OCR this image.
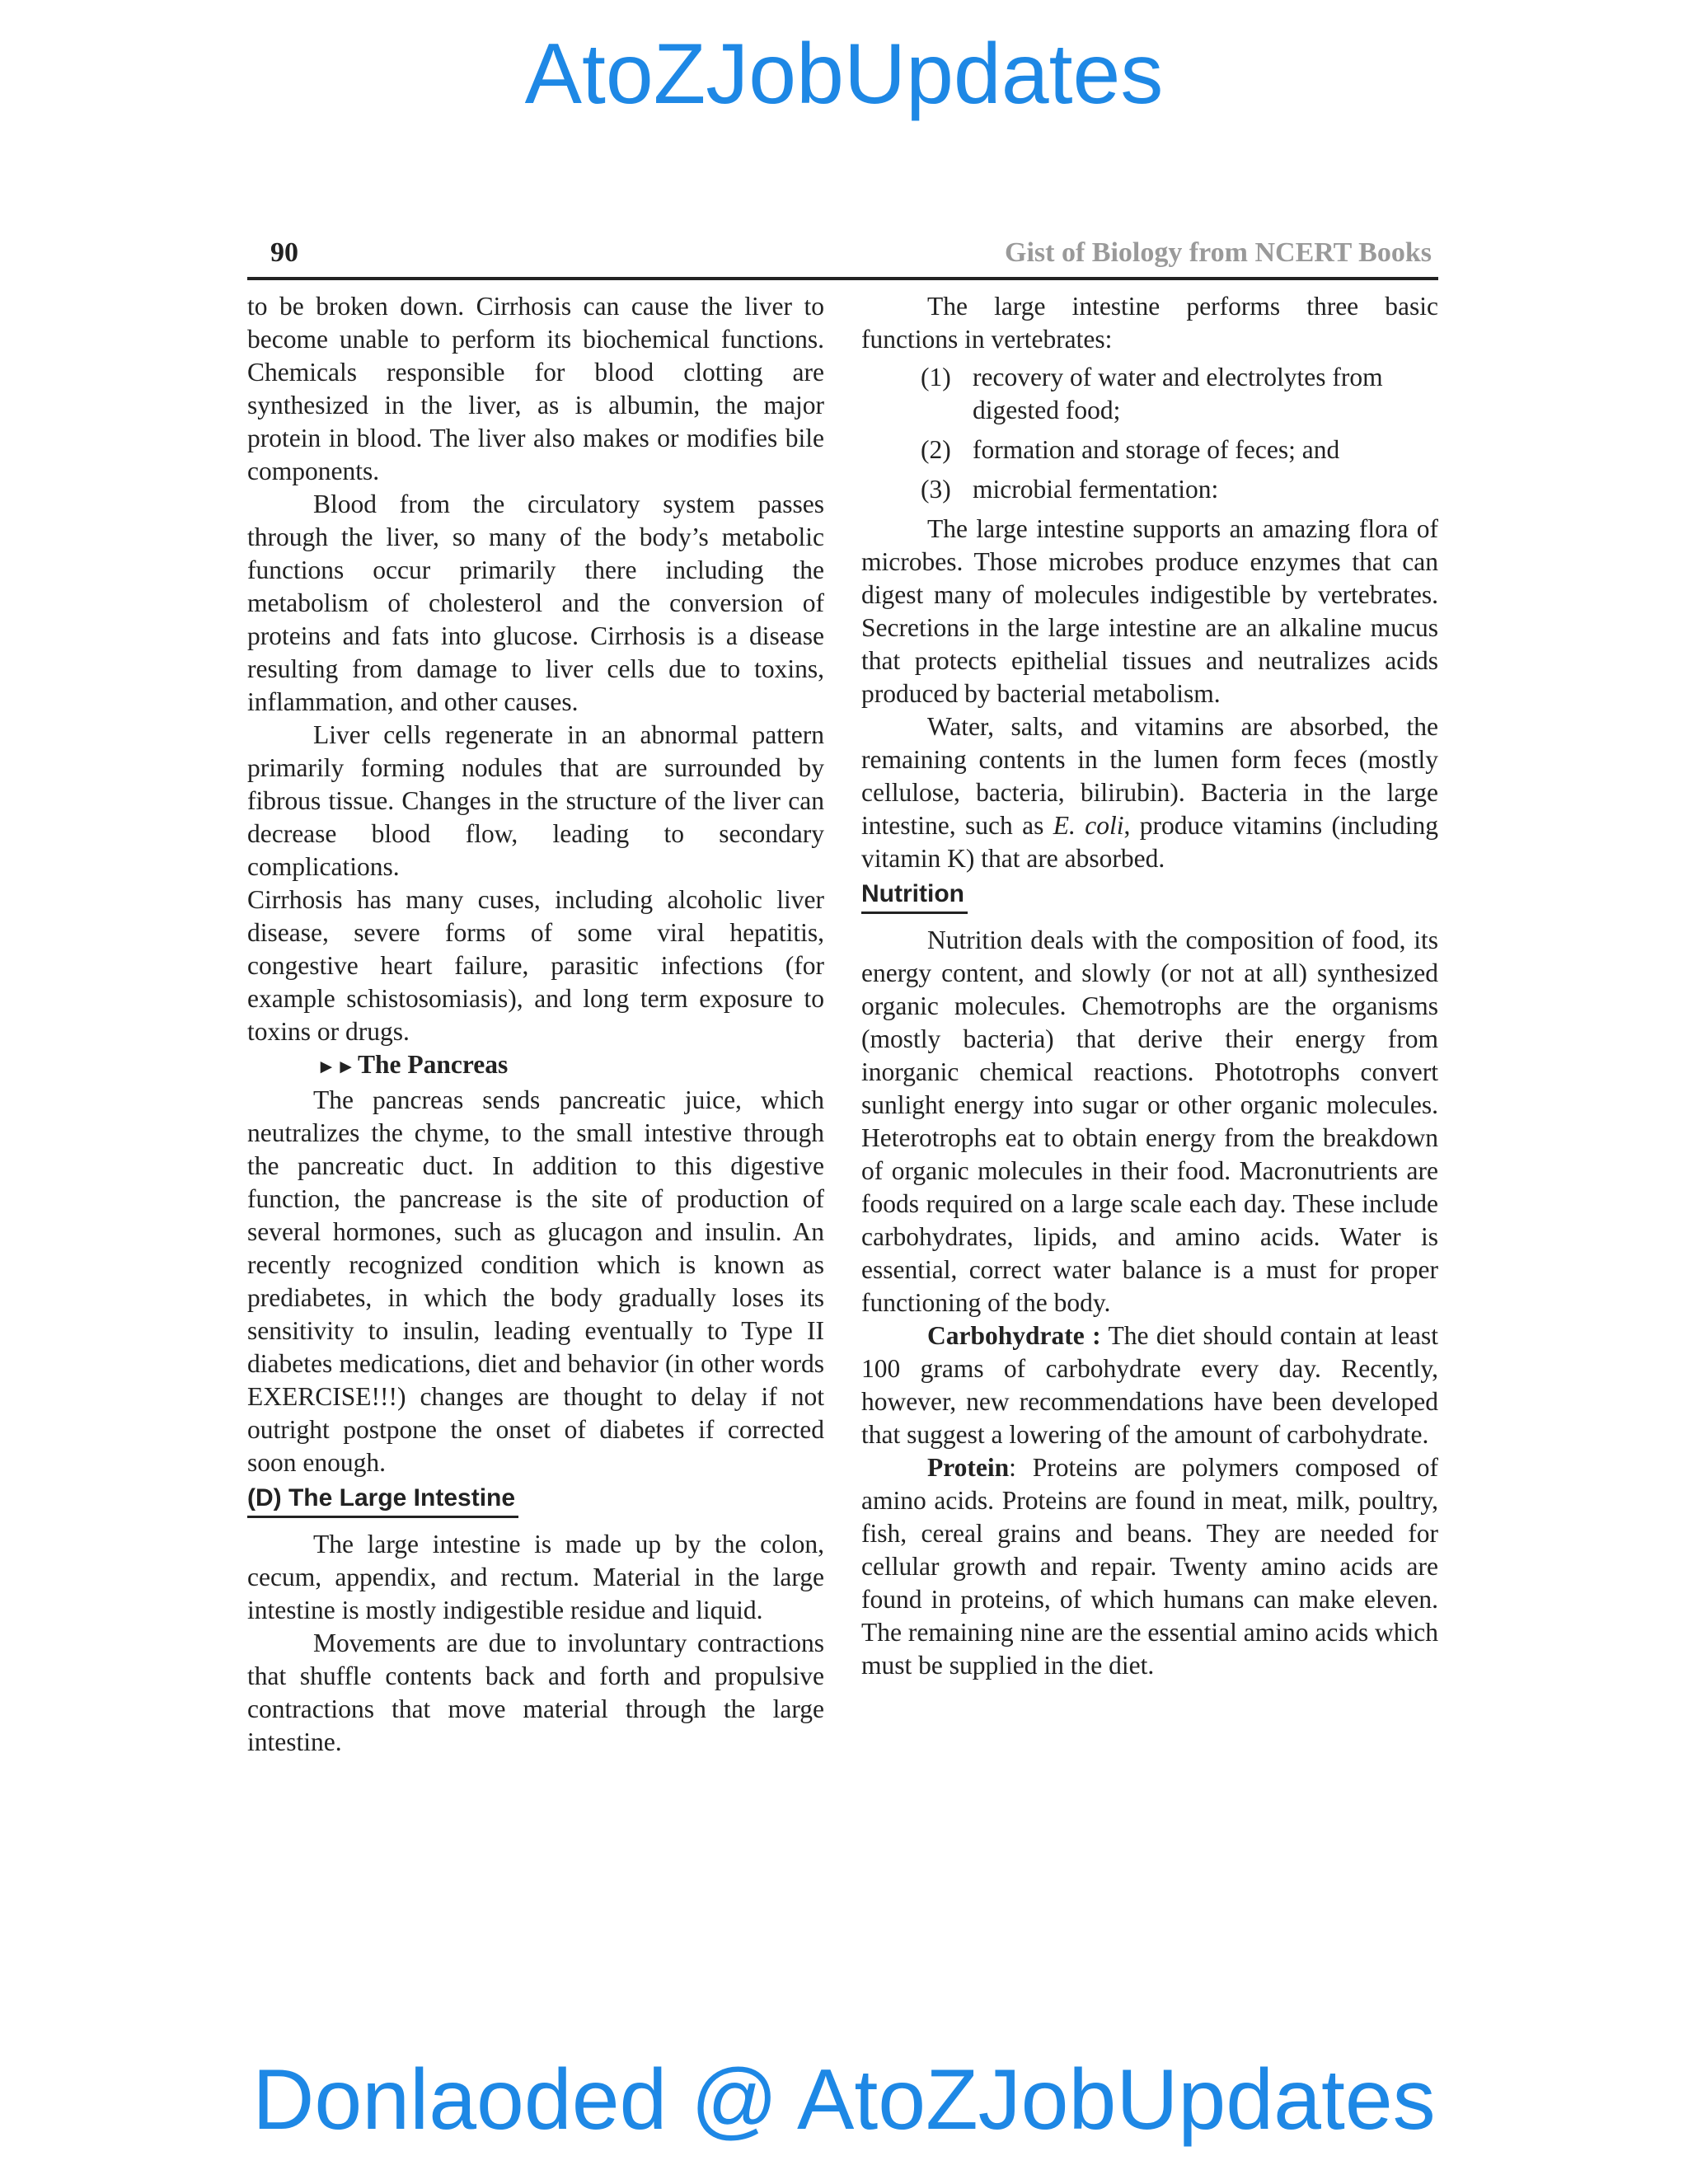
AtoZJobUpdates
90	Gist of Biology from NCERT Books

to be broken down. Cirrhosis can cause the liver to become unable to perform its biochemical functions. Chemicals responsible for blood clotting are synthesized in the liver, as is albumin, the major protein in blood. The liver also makes or modifies bile components.

Blood from the circulatory system passes through the liver, so many of the body’s metabolic functions occur primarily there including the metabolism of cholesterol and the conversion of proteins and fats into glucose. Cirrhosis is a disease resulting from damage to liver cells due to toxins, inflammation, and other causes.

Liver cells regenerate in an abnormal pattern primarily forming nodules that are surrounded by fibrous tissue. Changes in the structure of the liver can decrease blood flow, leading to secondary complications.

Cirrhosis has many cuses, including alcoholic liver disease, severe forms of some viral hepatitis, congestive heart failure, parasitic infections (for example schistosomiasis), and long term exposure to toxins or drugs.

►►The Pancreas

The pancreas sends pancreatic juice, which neutralizes the chyme, to the small intestive through the pancreatic duct. In addition to this digestive function, the pancrease is the site of production of several hormones, such as glucagon and insulin. An recently recognized condition which is known as prediabetes, in which the body gradually loses its sensitivity to insulin, leading eventually to Type II diabetes medications, diet and behavior (in other words EXERCISE!!!) changes are thought to delay if not outright postpone the onset of diabetes if corrected soon enough.

(D) The Large Intestine

The large intestine is made up by the colon, cecum, appendix, and rectum. Material in the large intestine is mostly indigestible residue and liquid.

Movements are due to involuntary contractions that shuffle contents back and forth and propulsive contractions that move material through the large intestine.

The large intestine performs three basic functions in vertebrates:

(1) recovery of water and electrolytes from digested food;
(2) formation and storage of feces; and
(3) microbial fermentation:

The large intestine supports an amazing flora of microbes. Those microbes produce enzymes that can digest many of molecules indigestible by vertebrates. Secretions in the large intestine are an alkaline mucus that protects epithelial tissues and neutralizes acids produced by bacterial metabolism.

Water, salts, and vitamins are absorbed, the remaining contents in the lumen form feces (mostly cellulose, bacteria, bilirubin). Bacteria in the large intestine, such as E. coli, produce vitamins (including vitamin K) that are absorbed.

Nutrition

Nutrition deals with the composition of food, its energy content, and slowly (or not at all) synthesized organic molecules. Chemotrophs are the organisms (mostly bacteria) that derive their energy from inorganic chemical reactions. Phototrophs convert sunlight energy into sugar or other organic molecules. Heterotrophs eat to obtain energy from the breakdown of organic molecules in their food. Macronutrients are foods required on a large scale each day. These include carbohydrates, lipids, and amino acids. Water is essential, correct water balance is a must for proper functioning of the body.

Carbohydrate : The diet should contain at least 100 grams of carbohydrate every day. Recently, however, new recommendations have been developed that suggest a lowering of the amount of carbohydrate.

Protein: Proteins are polymers composed of amino acids. Proteins are found in meat, milk, poultry, fish, cereal grains and beans. They are needed for cellular growth and repair. Twenty amino acids are found in proteins, of which humans can make eleven. The remaining nine are the essential amino acids which must be supplied in the diet.

Donlaoded @ AtoZJobUpdates
